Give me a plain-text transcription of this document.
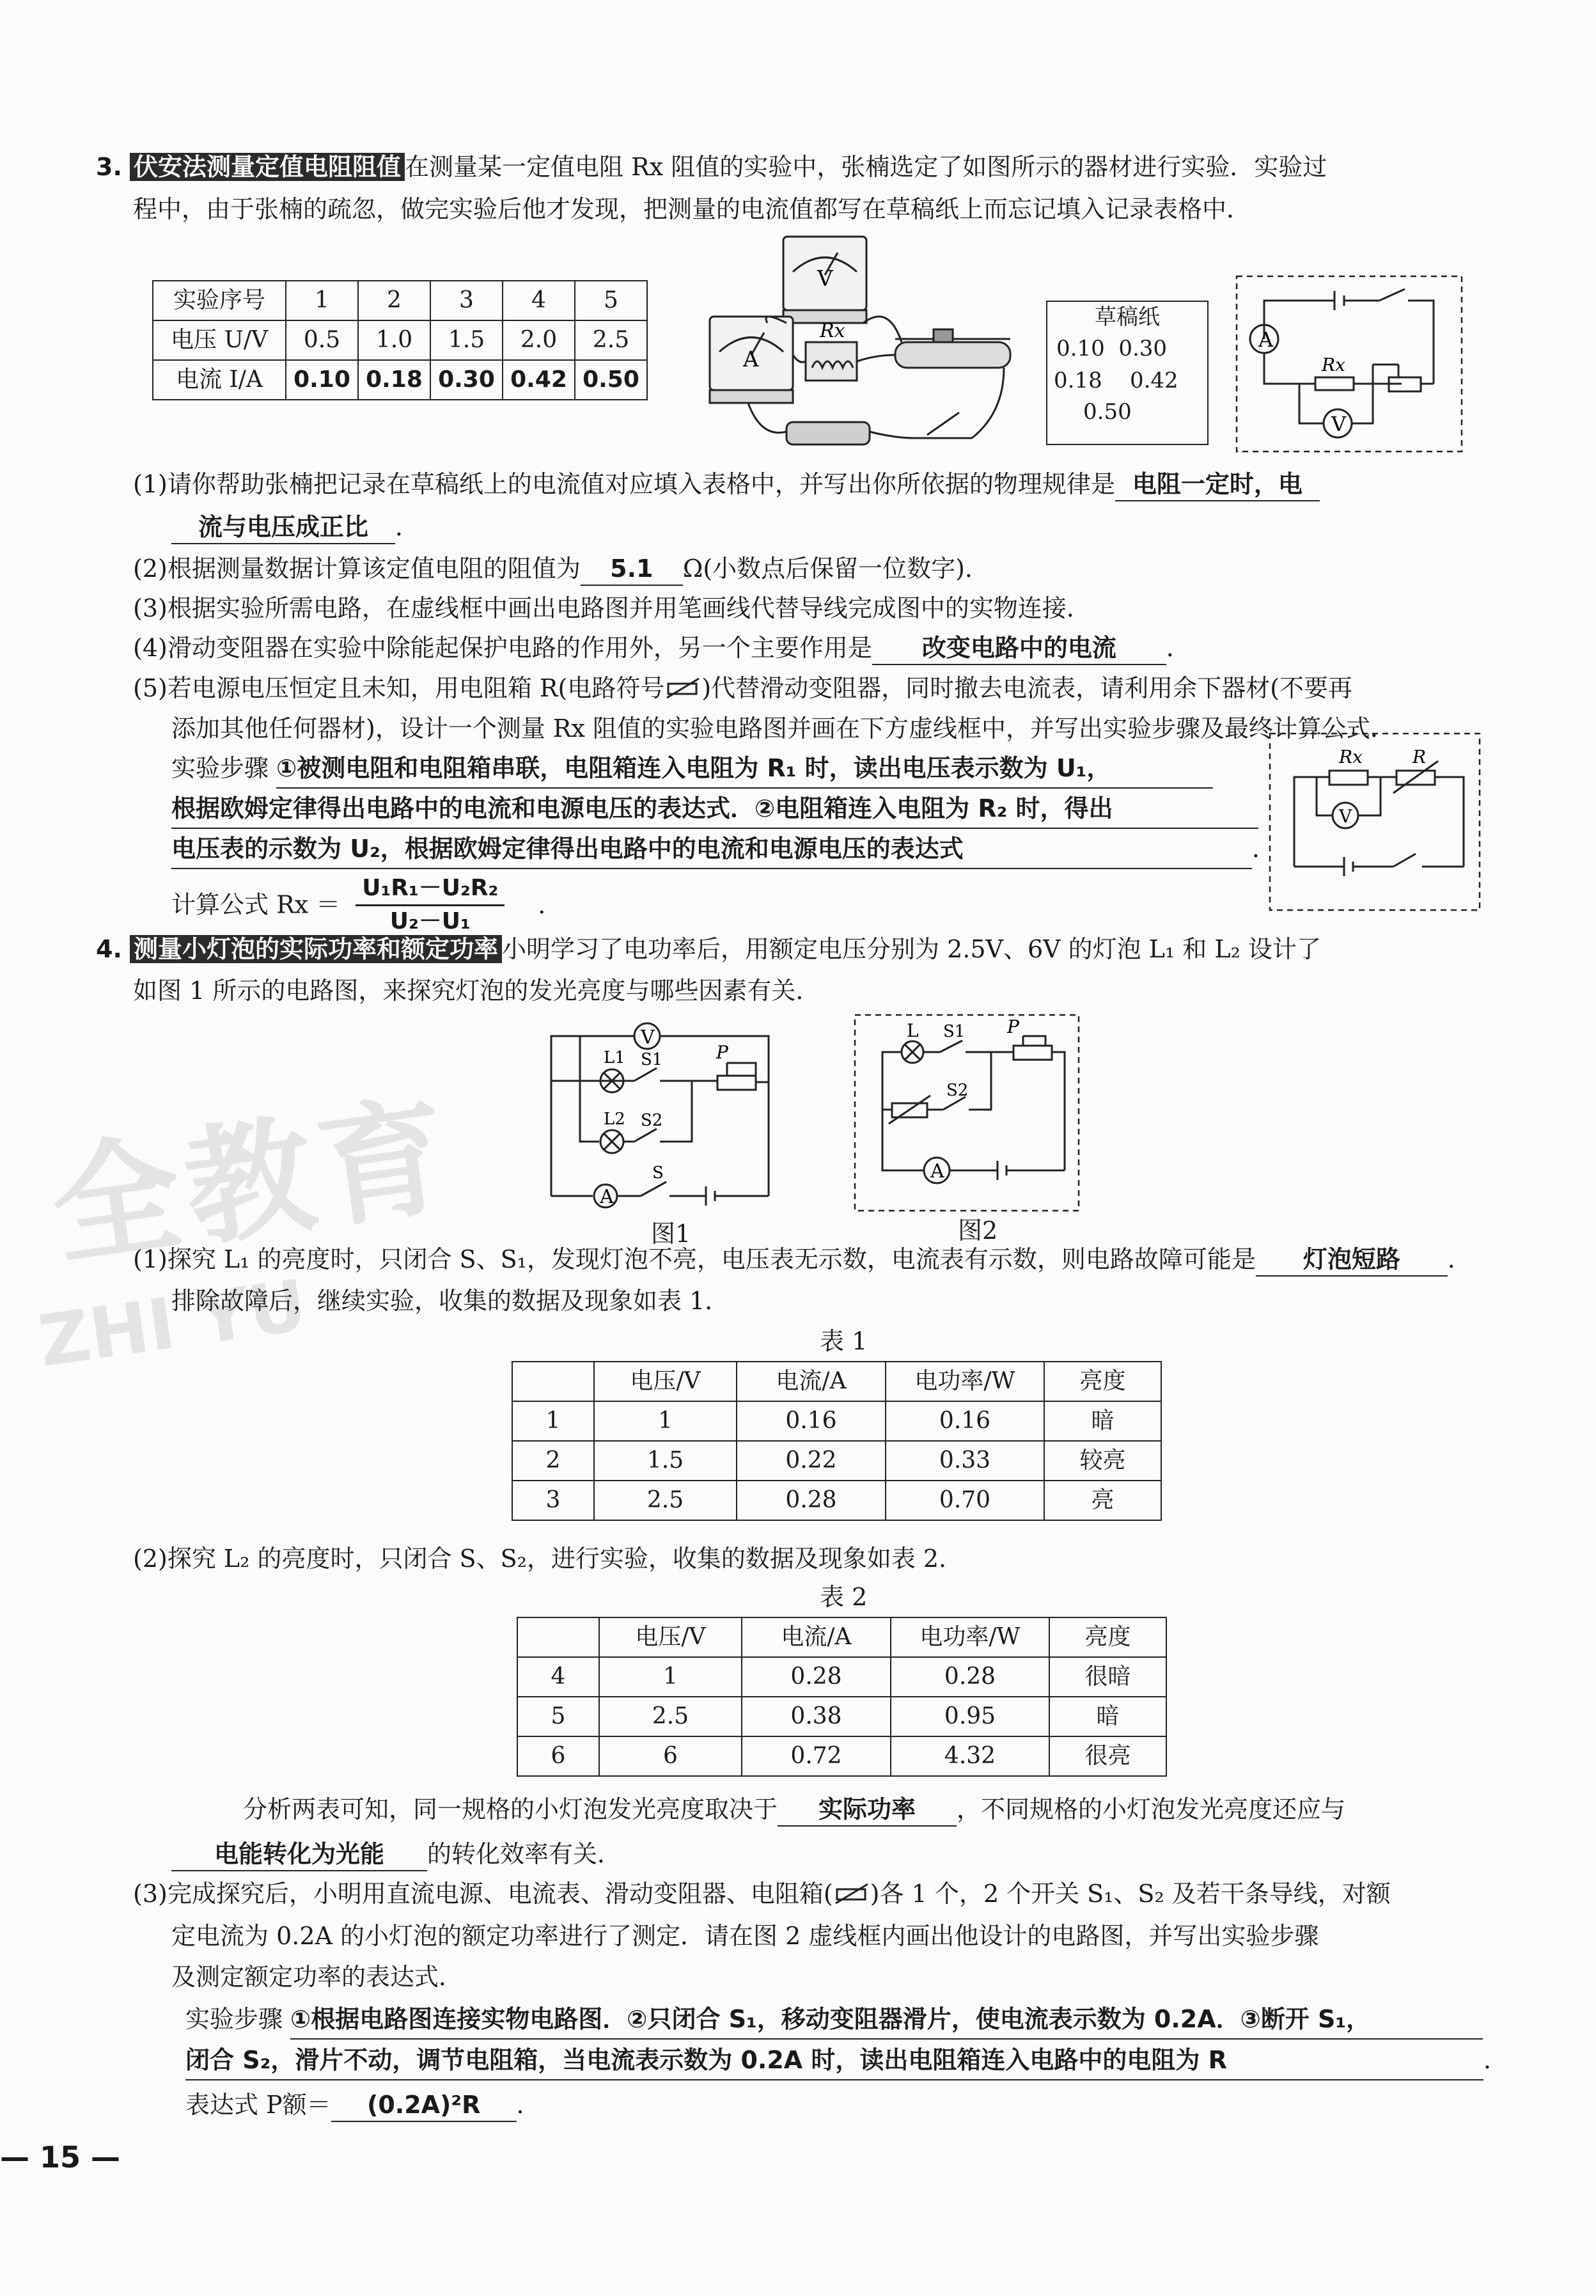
全教育
ZHI YU
3. 伏安法测量定值电阻阻值 在测量某一定值电阻 Rx 阻值的实验中，张楠选定了如图所示的器材进行实验．实验过
程中，由于张楠的疏忽，做完实验后他才发现，把测量的电流值都写在草稿纸上而忘记填入记录表格中．
实验序号	1	2	3	4	5
电压 U/V	0.5	1.0	1.5	2.0	2.5
电流 I/A	0.10	0.18	0.30	0.42	0.50
V
A
Rx
草稿纸
0.10 0.30
0.18 0.42
0.50
A
V
Rx
(1)请你帮助张楠把记录在草稿纸上的电流值对应填入表格中，并写出你所依据的物理规律是 电阻一定时，电
流与电压成正比 ．
(2)根据测量数据计算该定值电阻的阻值为 5.1 Ω(小数点后保留一位数字)．
(3)根据实验所需电路，在虚线框中画出电路图并用笔画线代替导线完成图中的实物连接．
(4)滑动变阻器在实验中除能起保护电路的作用外，另一个主要作用是 改变电路中的电流 ．
(5)若电源电压恒定且未知，用电阻箱 R(电路符号 )代替滑动变阻器，同时撤去电流表，请利用余下器材(不要再
添加其他任何器材)，设计一个测量 Rx 阻值的实验电路图并画在下方虚线框中，并写出实验步骤及最终计算公式．
实验步骤 ①被测电阻和电阻箱串联，电阻箱连入电阻为 R₁ 时，读出电压表示数为 U₁，
根据欧姆定律得出电路中的电流和电源电压的表达式．②电阻箱连入电阻为 R₂ 时，得出
电压表的示数为 U₂，根据欧姆定律得出电路中的电流和电源电压的表达式	．
计算公式 $Rx = \frac{\text{U₁R₁－U₂R₂}}{\text{U₂－U₁}}$ ．
Rx	R
V
4. 测量小灯泡的实际功率和额定功率 小明学习了电功率后，用额定电压分别为 2.5V、6V 的灯泡 L₁ 和 L₂ 设计了
如图 1 所示的电路图，来探究灯泡的发光亮度与哪些因素有关．
V
L1 S1	P
L2 S2
A
S
图1
L S1 P
S2
A
图2
(1)探究 L₁ 的亮度时，只闭合 S、S₁，发现灯泡不亮，电压表无示数，电流表有示数，则电路故障可能是 灯泡短路 ．
排除故障后，继续实验，收集的数据及现象如表 1．
表 1
	电压/V	电流/A	电功率/W	亮度
1	1	0.16	0.16	暗
2	1.5	0.22	0.33	较亮
3	2.5	0.28	0.70	亮
(2)探究 L₂ 的亮度时，只闭合 S、S₂，进行实验，收集的数据及现象如表 2．
表 2
	电压/V	电流/A	电功率/W	亮度
4	1	0.28	0.28	很暗
5	2.5	0.38	0.95	暗
6	6	0.72	4.32	很亮
分析两表可知，同一规格的小灯泡发光亮度取决于 实际功率 ，不同规格的小灯泡发光亮度还应与
电能转化为光能 的转化效率有关．
(3)完成探究后，小明用直流电源、电流表、滑动变阻器、电阻箱( )各 1 个，2 个开关 S₁、S₂ 及若干条导线，对额
定电流为 0.2A 的小灯泡的额定功率进行了测定．请在图 2 虚线框内画出他设计的电路图，并写出实验步骤
及测定额定功率的表达式．
实验步骤 ①根据电路图连接实物电路图．②只闭合 S₁，移动变阻器滑片，使电流表示数为 0.2A．③断开 S₁，
闭合 S₂，滑片不动，调节电阻箱，当电流表示数为 0.2A 时，读出电阻箱连入电路中的电阻为 R	．
表达式 P额＝ (0.2A)²R ．
— 15 —
